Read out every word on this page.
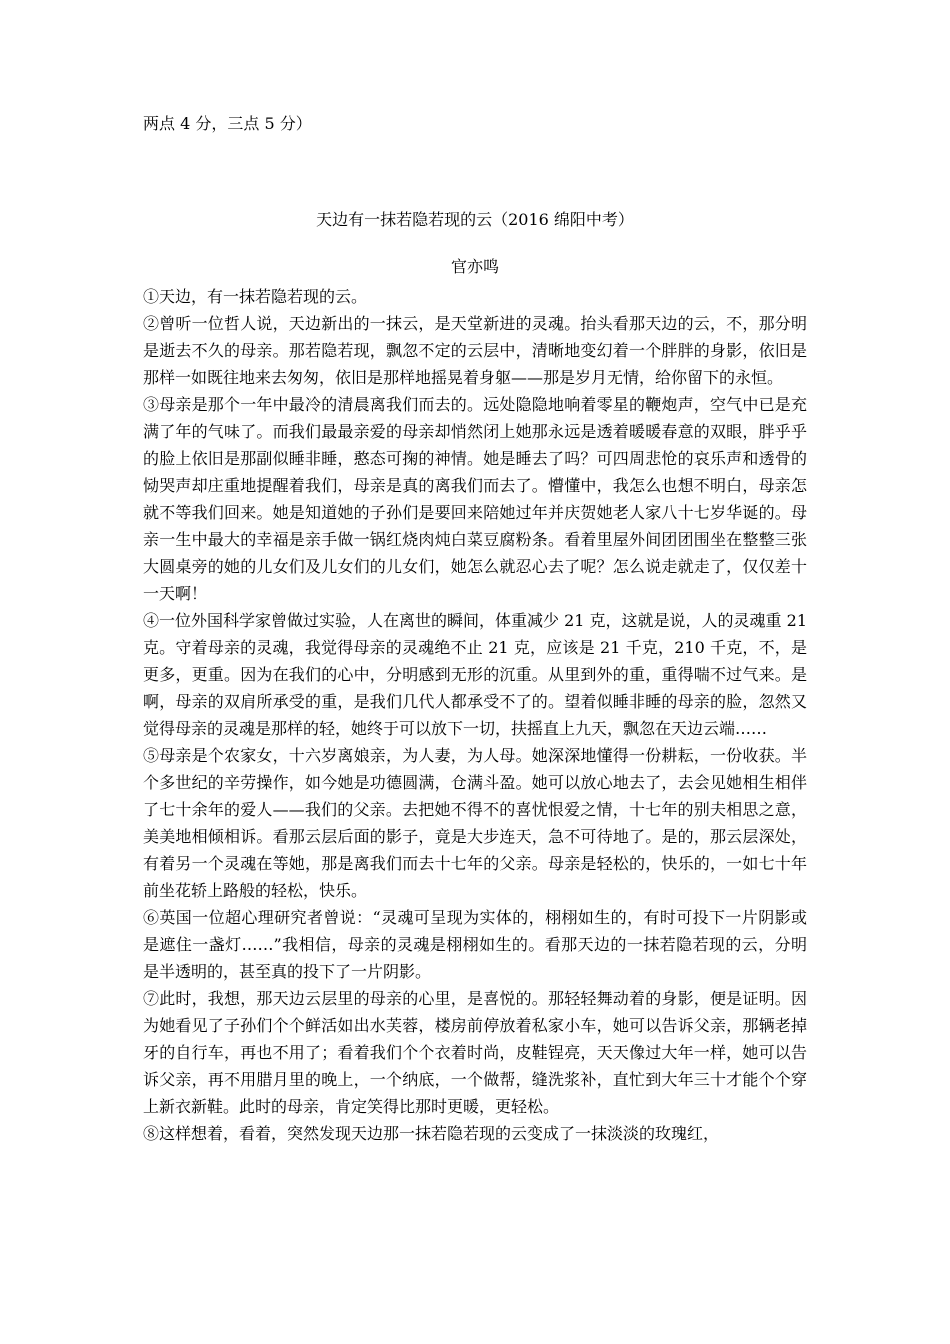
两点 4 分，三点 5 分）
天边有一抹若隐若现的云（2016 绵阳中考）
官亦鸣

①天边，有一抹若隐若现的云。

②曾听一位哲人说，天边新出的一抹云，是天堂新进的灵魂。抬头看那天边的云，不，那分明是逝去不久的母亲。那若隐若现，飘忽不定的云层中，清晰地变幻着一个胖胖的身影，依旧是那样一如既往地来去匆匆，依旧是那样地摇晃着身躯——那是岁月无情，给你留下的永恒。

③母亲是那个一年中最冷的清晨离我们而去的。远处隐隐地响着零星的鞭炮声，空气中已是充满了年的气味了。而我们最最亲爱的母亲却悄然闭上她那永远是透着暖暖春意的双眼，胖乎乎的脸上依旧是那副似睡非睡，憨态可掬的神情。她是睡去了吗？可四周悲怆的哀乐声和透骨的恸哭声却庄重地提醒着我们，母亲是真的离我们而去了。懵懂中，我怎么也想不明白，母亲怎就不等我们回来。她是知道她的子孙们是要回来陪她过年并庆贺她老人家八十七岁华诞的。母亲一生中最大的幸福是亲手做一锅红烧肉炖白菜豆腐粉条。看着里屋外间团团围坐在整整三张大圆桌旁的她的儿女们及儿女们的儿女们，她怎么就忍心去了呢？怎么说走就走了，仅仅差十一天啊！

④一位外国科学家曾做过实验，人在离世的瞬间，体重减少 21 克，这就是说，人的灵魂重 21 克。守着母亲的灵魂，我觉得母亲的灵魂绝不止 21 克，应该是 21 千克，210 千克，不，是更多，更重。因为在我们的心中，分明感到无形的沉重。从里到外的重，重得喘不过气来。是啊，母亲的双肩所承受的重，是我们几代人都承受不了的。望着似睡非睡的母亲的脸，忽然又觉得母亲的灵魂是那样的轻，她终于可以放下一切，扶摇直上九天，飘忽在天边云端……

⑤母亲是个农家女，十六岁离娘亲，为人妻，为人母。她深深地懂得一份耕耘，一份收获。半个多世纪的辛劳操作，如今她是功德圆满，仓满斗盈。她可以放心地去了，去会见她相生相伴了七十余年的爱人——我们的父亲。去把她不得不的喜忧恨爱之情，十七年的别夫相思之意，美美地相倾相诉。看那云层后面的影子，竟是大步连天，急不可待地了。是的，那云层深处，有着另一个灵魂在等她，那是离我们而去十七年的父亲。母亲是轻松的，快乐的，一如七十年前坐花轿上路般的轻松，快乐。

⑥英国一位超心理研究者曾说：“灵魂可呈现为实体的，栩栩如生的，有时可投下一片阴影或是遮住一盏灯……”我相信，母亲的灵魂是栩栩如生的。看那天边的一抹若隐若现的云，分明是半透明的，甚至真的投下了一片阴影。

⑦此时，我想，那天边云层里的母亲的心里，是喜悦的。那轻轻舞动着的身影，便是证明。因为她看见了子孙们个个鲜活如出水芙蓉，楼房前停放着私家小车，她可以告诉父亲，那辆老掉牙的自行车，再也不用了；看着我们个个衣着时尚，皮鞋锃亮，天天像过大年一样，她可以告诉父亲，再不用腊月里的晚上，一个纳底，一个做帮，缝洗浆补，直忙到大年三十才能个个穿上新衣新鞋。此时的母亲，肯定笑得比那时更暖，更轻松。

⑧这样想着，看着，突然发现天边那一抹若隐若现的云变成了一抹淡淡的玫瑰红，
